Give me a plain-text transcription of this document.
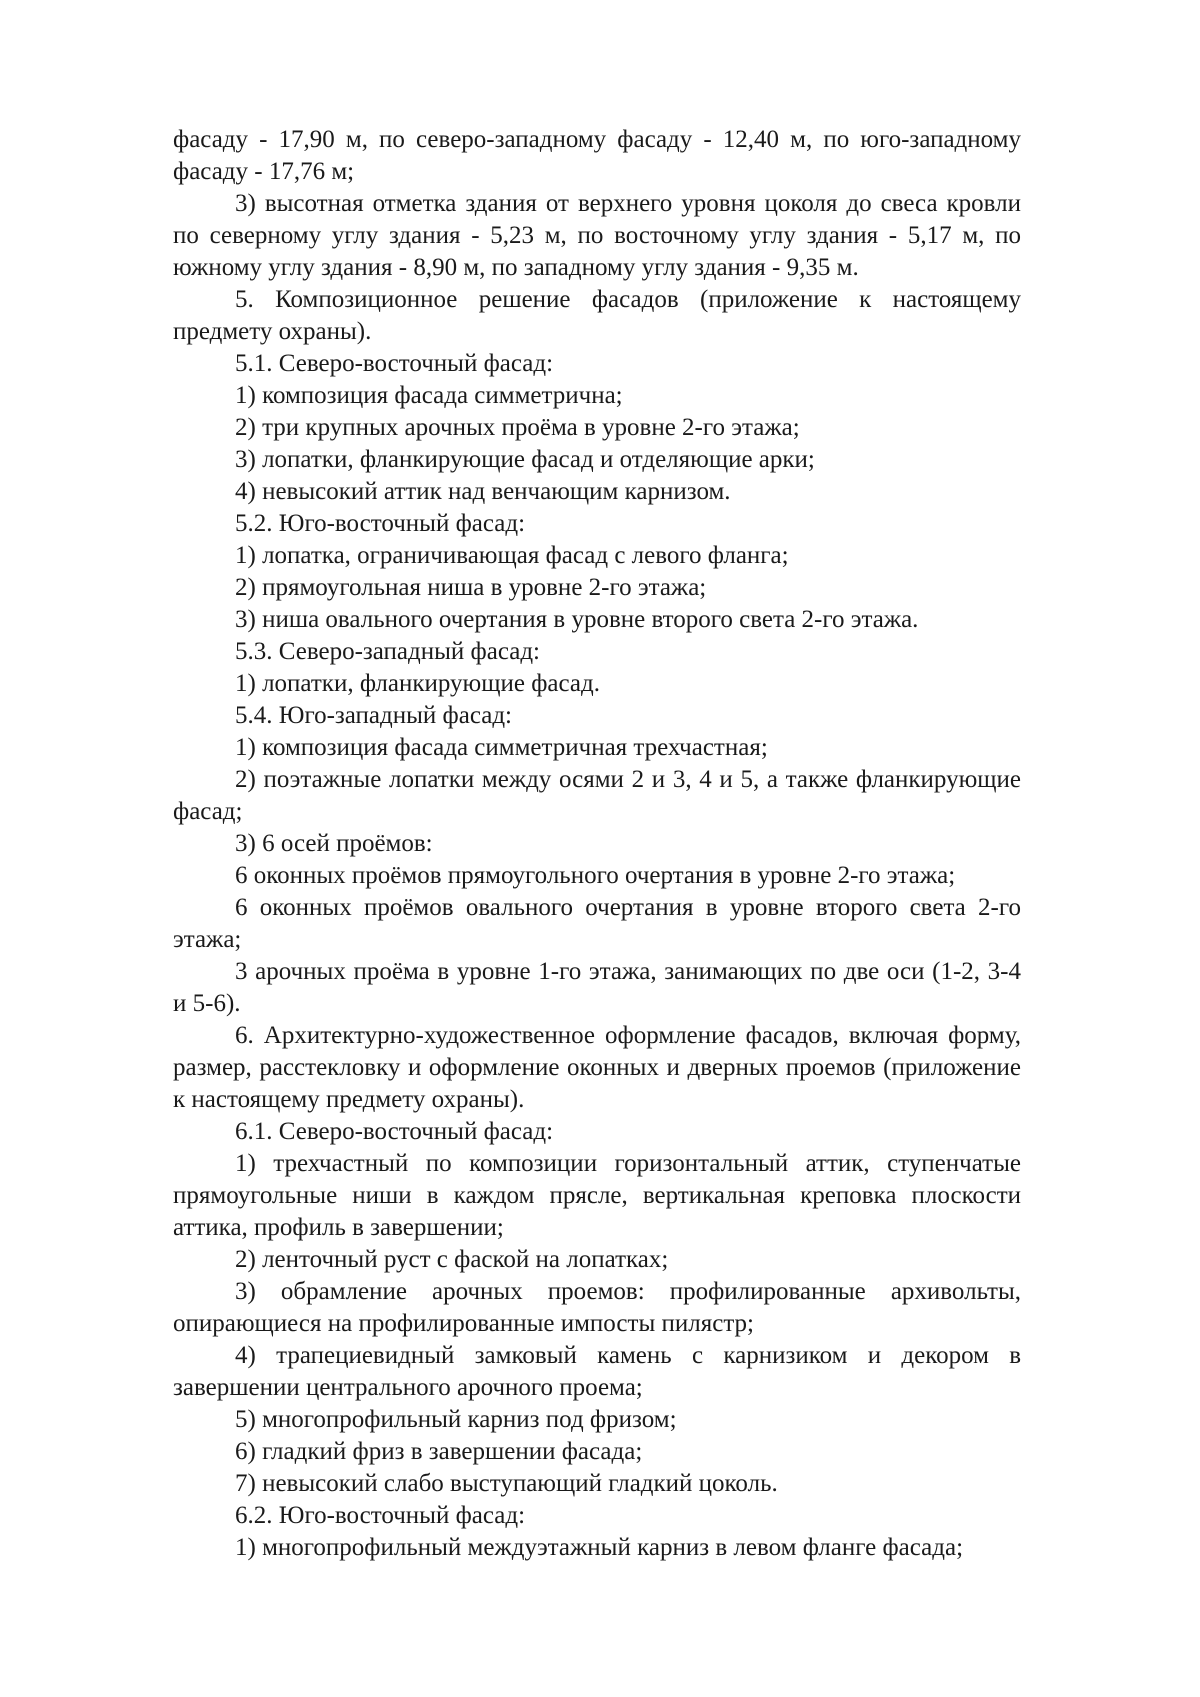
фасаду - 17,90 м, по северо-западному фасаду - 12,40 м, по юго-западному фасаду - 17,76 м;

3) высотная отметка здания от верхнего уровня цоколя до свеса кровли по северному углу здания - 5,23 м, по восточному углу здания - 5,17 м, по южному углу здания - 8,90 м, по западному углу здания - 9,35 м.

5. Композиционное решение фасадов (приложение к настоящему предмету охраны).

5.1. Северо-восточный фасад:

1) композиция фасада симметрична;

2) три крупных арочных проёма в уровне 2-го этажа;

3) лопатки, фланкирующие фасад и отделяющие арки;

4) невысокий аттик над венчающим карнизом.

5.2. Юго-восточный фасад:

1) лопатка, ограничивающая фасад с левого фланга;

2) прямоугольная ниша в уровне 2-го этажа;

3) ниша овального очертания в уровне второго света 2-го этажа.

5.3. Северо-западный фасад:

1) лопатки, фланкирующие фасад.

5.4. Юго-западный фасад:

1) композиция фасада симметричная трехчастная;

2) поэтажные лопатки между осями 2 и 3, 4 и 5, а также фланкирующие фасад;

3) 6 осей проёмов:

6 оконных проёмов прямоугольного очертания в уровне 2-го этажа;

6 оконных проёмов овального очертания в уровне второго света 2-го этажа;

3 арочных проёма в уровне 1-го этажа, занимающих по две оси (1-2, 3-4 и 5-6).

6. Архитектурно-художественное оформление фасадов, включая форму, размер, расстекловку и оформление оконных и дверных проемов (приложение к настоящему предмету охраны).

6.1. Северо-восточный фасад:

1) трехчастный по композиции горизонтальный аттик, ступенчатые прямоугольные ниши в каждом прясле, вертикальная креповка плоскости аттика, профиль в завершении;

2) ленточный руст с фаской на лопатках;

3) обрамление арочных проемов: профилированные архивольты, опирающиеся на профилированные импосты пилястр;

4) трапециевидный замковый камень с карнизиком и декором в завершении центрального арочного проема;

5) многопрофильный карниз под фризом;

6) гладкий фриз в завершении фасада;

7) невысокий слабо выступающий гладкий цоколь.

6.2. Юго-восточный фасад:

1) многопрофильный междуэтажный карниз в левом фланге фасада;
